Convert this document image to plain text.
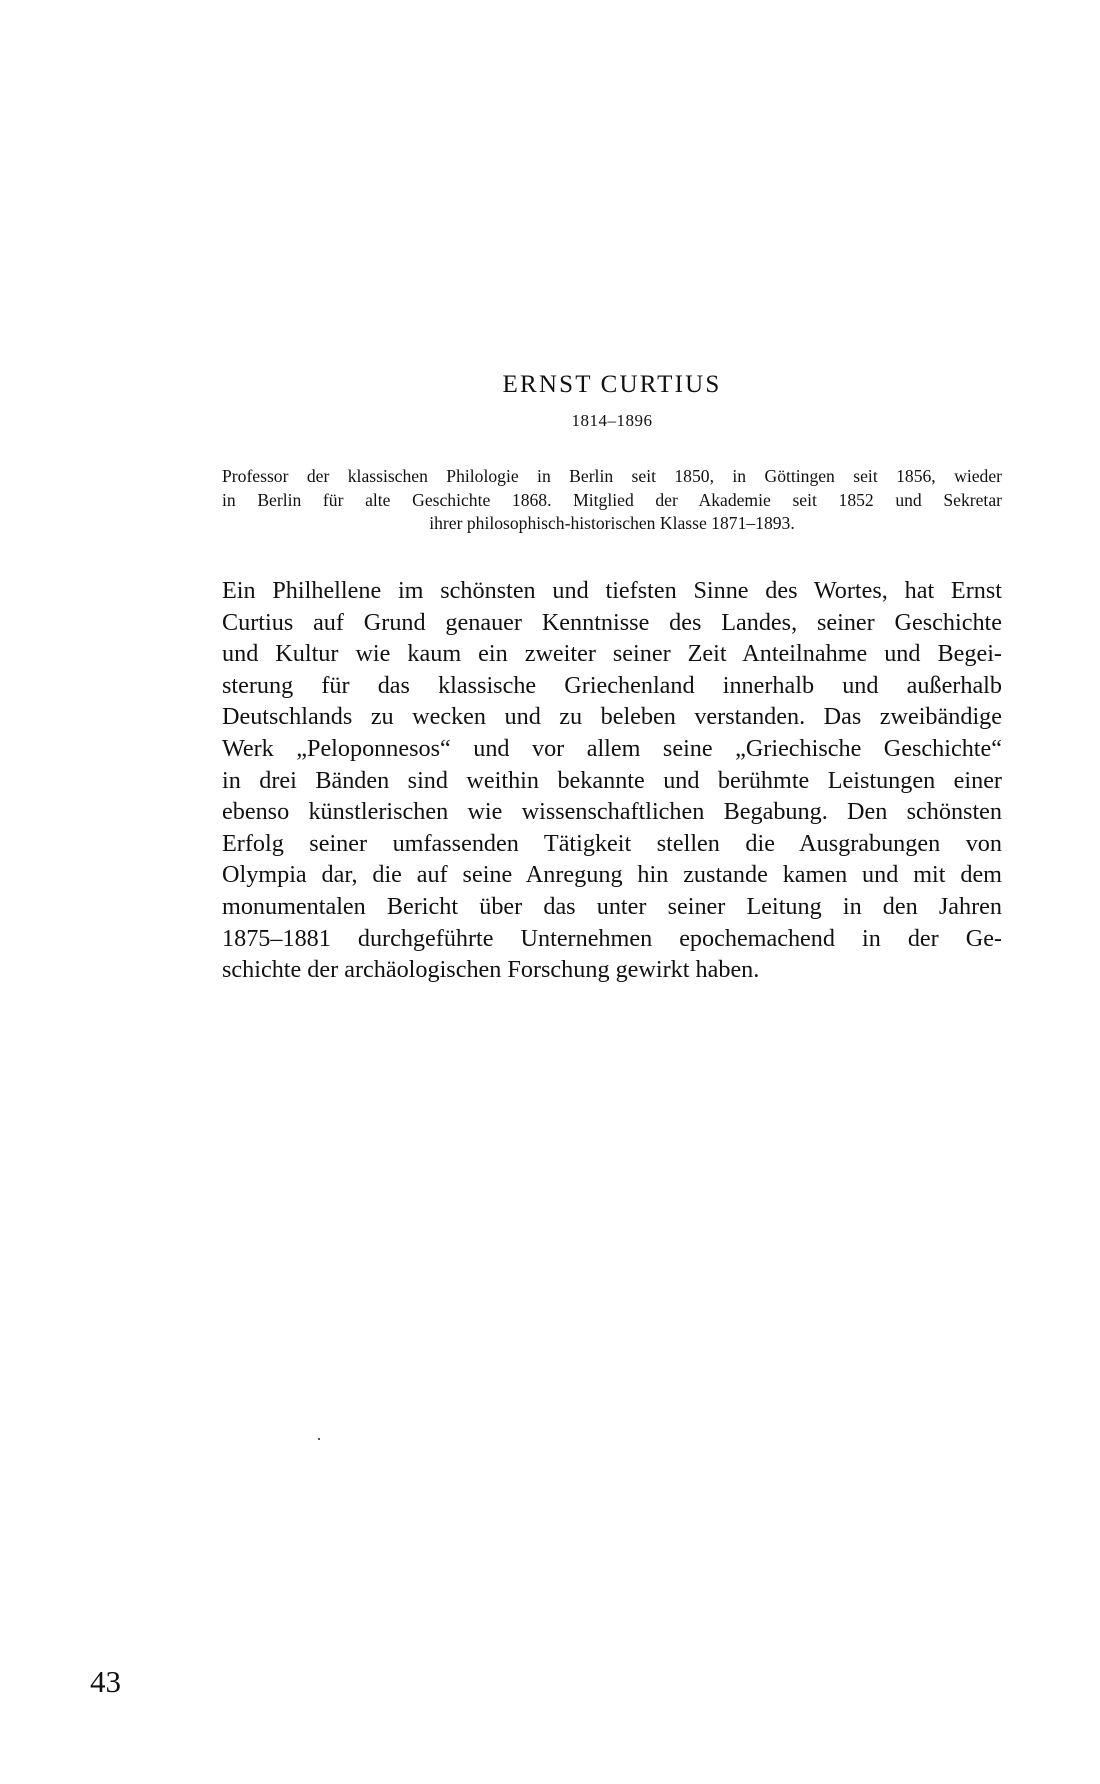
ERNST CURTIUS
1814–1896
Professor der klassischen Philologie in Berlin seit 1850, in Göttingen seit 1856, wieder
in Berlin für alte Geschichte 1868. Mitglied der Akademie seit 1852 und Sekretar
ihrer philosophisch-historischen Klasse 1871–1893.
Ein Philhellene im schönsten und tiefsten Sinne des Wortes, hat Ernst
Curtius auf Grund genauer Kenntnisse des Landes, seiner Geschichte
und Kultur wie kaum ein zweiter seiner Zeit Anteilnahme und Begei-
sterung für das klassische Griechenland innerhalb und außerhalb
Deutschlands zu wecken und zu beleben verstanden. Das zweibändige
Werk „Peloponnesos“ und vor allem seine „Griechische Geschichte“
in drei Bänden sind weithin bekannte und berühmte Leistungen einer
ebenso künstlerischen wie wissenschaftlichen Begabung. Den schönsten
Erfolg seiner umfassenden Tätigkeit stellen die Ausgrabungen von
Olympia dar, die auf seine Anregung hin zustande kamen und mit dem
monumentalen Bericht über das unter seiner Leitung in den Jahren
1875–1881 durchgeführte Unternehmen epochemachend in der Ge-
schichte der archäologischen Forschung gewirkt haben.
43
